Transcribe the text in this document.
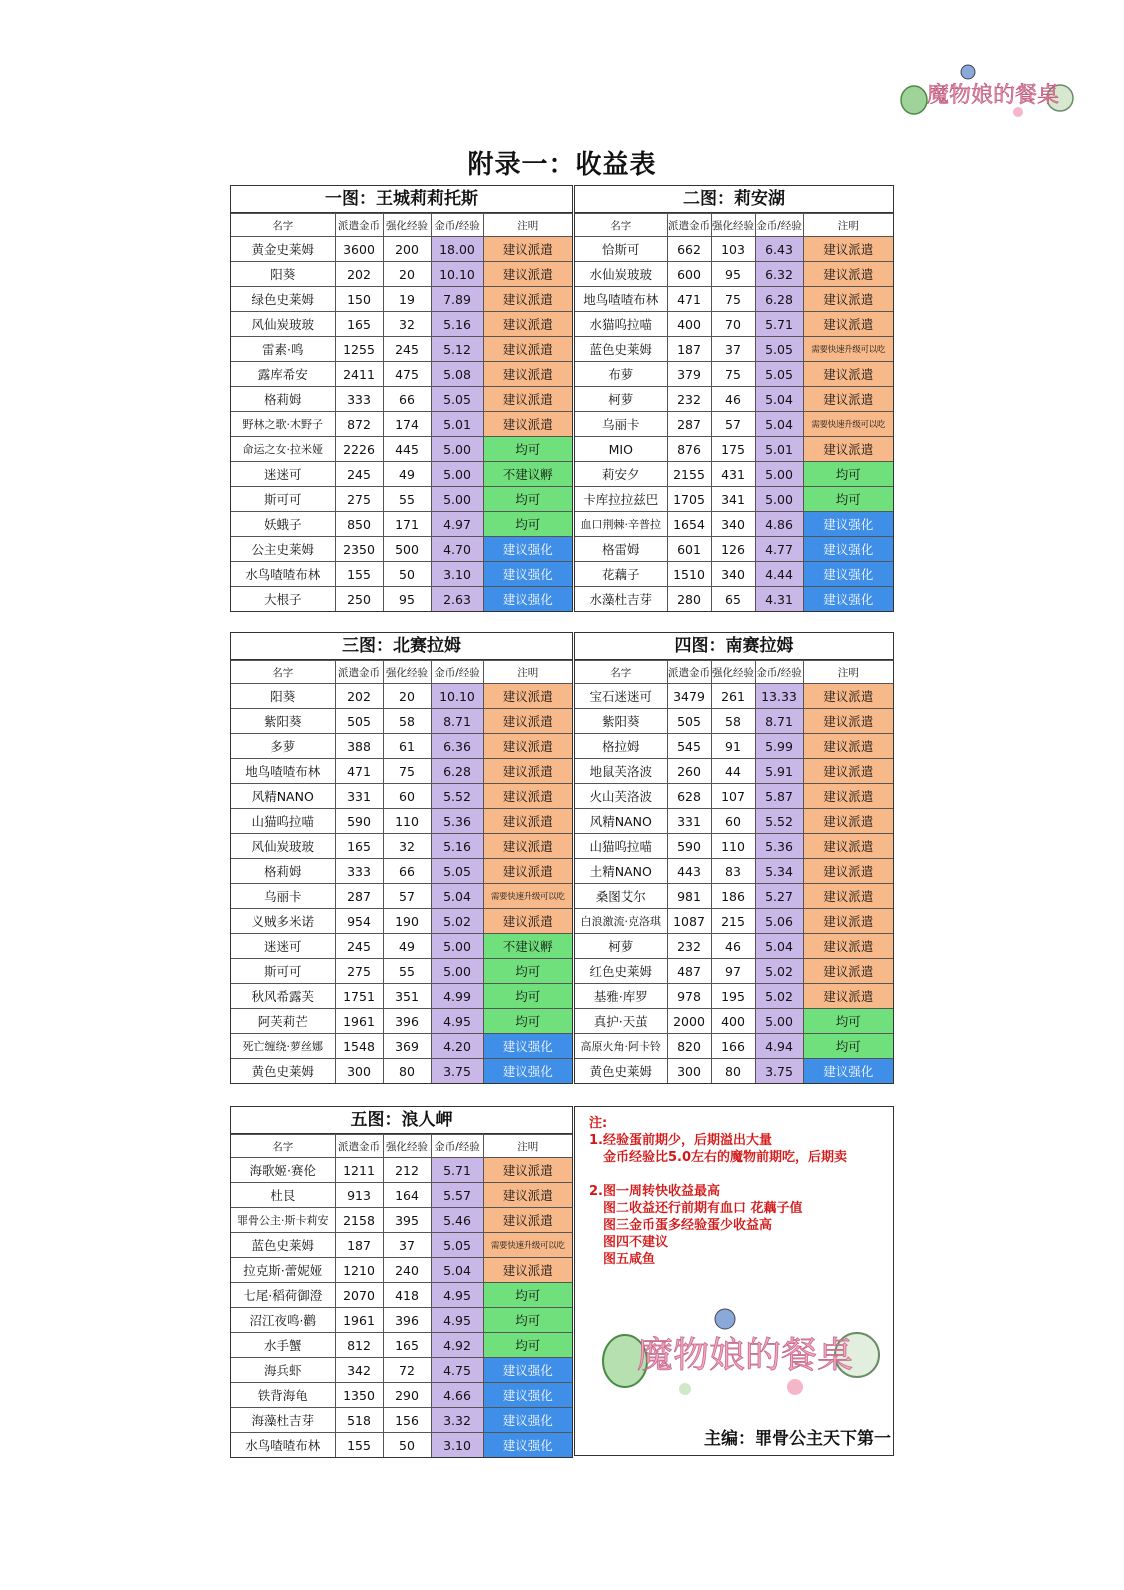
魔物娘的餐桌
附录一：收益表
一图：王城莉莉托斯
名字	派遣金币	强化经验	金币/经验	注明
黄金史莱姆	3600	200	18.00	建议派遣
阳葵	202	20	10.10	建议派遣
绿色史莱姆	150	19	7.89	建议派遣
风仙炭玻玻	165	32	5.16	建议派遣
雷素·鸣	1255	245	5.12	建议派遣
露库希安	2411	475	5.08	建议派遣
格莉姆	333	66	5.05	建议派遣
野林之歌·木野子	872	174	5.01	建议派遣
命运之女·拉米娅	2226	445	5.00	均可
迷迷可	245	49	5.00	不建议孵
斯可可	275	55	5.00	均可
妖蛾子	850	171	4.97	均可
公主史莱姆	2350	500	4.70	建议强化
水鸟喳喳布林	155	50	3.10	建议强化
大根子	250	95	2.63	建议强化
二图：莉安湖
名字	派遣金币	强化经验	金币/经验	注明
恰斯可	662	103	6.43	建议派遣
水仙炭玻玻	600	95	6.32	建议派遣
地鸟喳喳布林	471	75	6.28	建议派遣
水猫呜拉喵	400	70	5.71	建议派遣
蓝色史莱姆	187	37	5.05	需要快速升级可以吃
布萝	379	75	5.05	建议派遣
柯萝	232	46	5.04	建议派遣
乌丽卡	287	57	5.04	需要快速升级可以吃
MIO	876	175	5.01	建议派遣
莉安夕	2155	431	5.00	均可
卡库拉拉兹巴	1705	341	5.00	均可
血口荆棘·辛普拉	1654	340	4.86	建议强化
格雷姆	601	126	4.77	建议强化
花藕子	1510	340	4.44	建议强化
水藻杜吉芽	280	65	4.31	建议强化
三图：北赛拉姆
名字	派遣金币	强化经验	金币/经验	注明
阳葵	202	20	10.10	建议派遣
紫阳葵	505	58	8.71	建议派遣
多萝	388	61	6.36	建议派遣
地鸟喳喳布林	471	75	6.28	建议派遣
风精NANO	331	60	5.52	建议派遣
山猫呜拉喵	590	110	5.36	建议派遣
风仙炭玻玻	165	32	5.16	建议派遣
格莉姆	333	66	5.05	建议派遣
乌丽卡	287	57	5.04	需要快速升级可以吃
义贼多米诺	954	190	5.02	建议派遣
迷迷可	245	49	5.00	不建议孵
斯可可	275	55	5.00	均可
秋风希露芙	1751	351	4.99	均可
阿芙莉芒	1961	396	4.95	均可
死亡缠绕·萝丝娜	1548	369	4.20	建议强化
黄色史莱姆	300	80	3.75	建议强化
四图：南赛拉姆
名字	派遣金币	强化经验	金币/经验	注明
宝石迷迷可	3479	261	13.33	建议派遣
紫阳葵	505	58	8.71	建议派遣
格拉姆	545	91	5.99	建议派遣
地鼠芙洛波	260	44	5.91	建议派遣
火山芙洛波	628	107	5.87	建议派遣
风精NANO	331	60	5.52	建议派遣
山猫呜拉喵	590	110	5.36	建议派遣
土精NANO	443	83	5.34	建议派遣
桑图艾尔	981	186	5.27	建议派遣
白浪激流·克洛琪	1087	215	5.06	建议派遣
柯萝	232	46	5.04	建议派遣
红色史莱姆	487	97	5.02	建议派遣
基雅·库罗	978	195	5.02	建议派遣
真护·天茧	2000	400	5.00	均可
高原火角·阿卡铃	820	166	4.94	均可
黄色史莱姆	300	80	3.75	建议强化
五图：浪人岬
名字	派遣金币	强化经验	金币/经验	注明
海歌姬·赛伦	1211	212	5.71	建议派遣
杜艮	913	164	5.57	建议派遣
罪骨公主·斯卡莉安	2158	395	5.46	建议派遣
蓝色史莱姆	187	37	5.05	需要快速升级可以吃
拉克斯·蕾妮娅	1210	240	5.04	建议派遣
七尾·稻荷御澄	2070	418	4.95	均可
沼江夜鸣·鹳	1961	396	4.95	均可
水手蟹	812	165	4.92	均可
海兵虾	342	72	4.75	建议强化
铁背海龟	1350	290	4.66	建议强化
海藻杜吉芽	518	156	3.32	建议强化
水鸟喳喳布林	155	50	3.10	建议强化
注:
1.经验蛋前期少，后期溢出大量
金币经验比5.0左右的魔物前期吃，后期卖
2.图一周转快收益最高
图二收益还行前期有血口 花藕子值
图三金币蛋多经验蛋少收益高
图四不建议
图五咸鱼
魔物娘的餐桌
主编：罪骨公主天下第一
